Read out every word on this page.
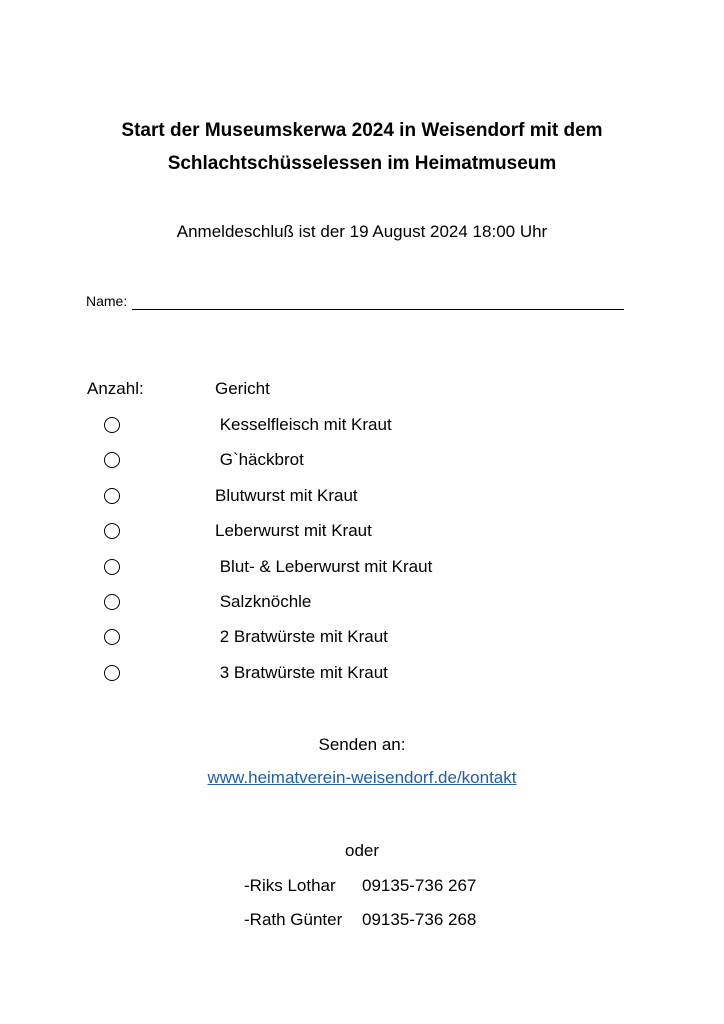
Start der Museumskerwa 2024 in Weisendorf mit dem
Schlachtschüsselessen im Heimatmuseum
Anmeldeschluß ist der 19 August 2024 18:00 Uhr
Name:
Anzahl:	Gericht
Kesselfleisch mit Kraut
G`häckbrot
Blutwurst mit Kraut
Leberwurst mit Kraut
Blut- & Leberwurst mit Kraut
Salzknöchle
2 Bratwürste mit Kraut
3 Bratwürste mit Kraut
Senden an:
www.heimatverein-weisendorf.de/kontakt
oder
-Riks Lothar 09135-736 267
-Rath Günter 09135-736 268
